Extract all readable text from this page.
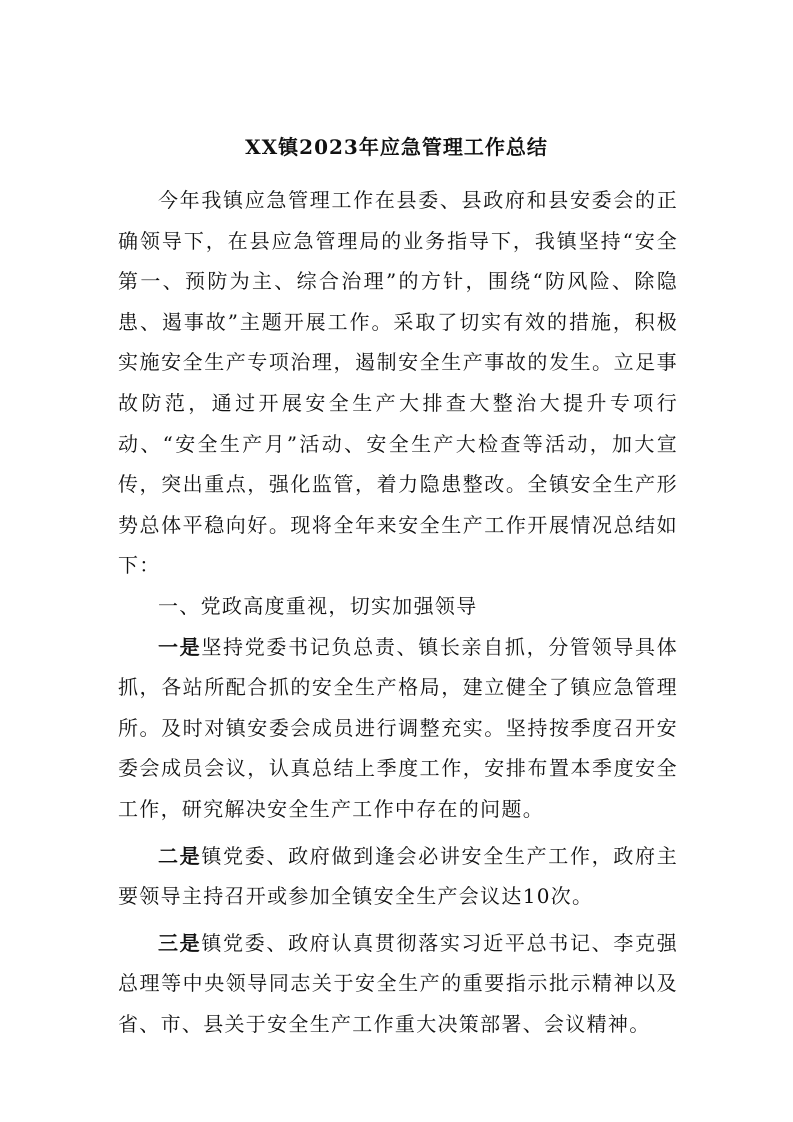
XX镇2023年应急管理工作总结

今年我镇应急管理工作在县委、县政府和县安委会的正确领导下，在县应急管理局的业务指导下，我镇坚持“安全第一、预防为主、综合治理”的方针，围绕“防风险、除隐患、遏事故”主题开展工作。采取了切实有效的措施，积极实施安全生产专项治理，遏制安全生产事故的发生。立足事故防范，通过开展安全生产大排查大整治大提升专项行动、“安全生产月”活动、安全生产大检查等活动，加大宣传，突出重点，强化监管，着力隐患整改。全镇安全生产形势总体平稳向好。现将全年来安全生产工作开展情况总结如下：

一、党政高度重视，切实加强领导

一是坚持党委书记负总责、镇长亲自抓，分管领导具体抓，各站所配合抓的安全生产格局，建立健全了镇应急管理所。及时对镇安委会成员进行调整充实。坚持按季度召开安委会成员会议，认真总结上季度工作，安排布置本季度安全工作，研究解决安全生产工作中存在的问题。

二是镇党委、政府做到逢会必讲安全生产工作，政府主要领导主持召开或参加全镇安全生产会议达10次。

三是镇党委、政府认真贯彻落实习近平总书记、李克强总理等中央领导同志关于安全生产的重要指示批示精神以及省、市、县关于安全生产工作重大决策部署、会议精神。
